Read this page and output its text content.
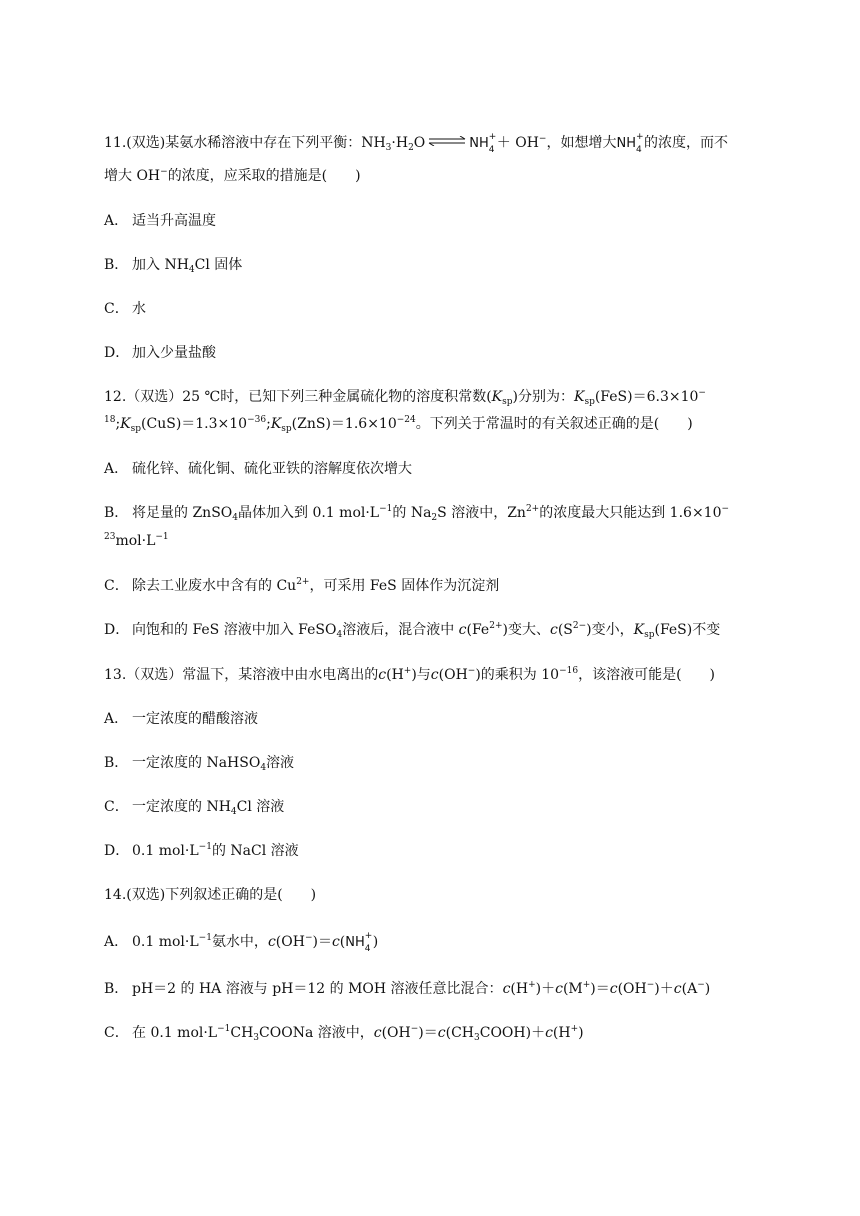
11.(双选)某氨水稀溶液中存在下列平衡：$NH_3\cdot H_2O$ ⇌ NH +
4 ＋ OH−，如想增大NH +
4 的浓度，而不
增大 OH−的浓度，应采取的措施是(　　)
A． 适当升高温度
B． 加入 $NH_4Cl$ 固体
C． 水
D． 加入少量盐酸
12.（双选）25 ℃时，已知下列三种金属硫化物的溶度积常数$(K_{sp})$分别为：$K_{sp}(FeS)=6.3\times 10^-$
$^{18};K_{sp}(CuS)=1.3\times 10^{-36};K_{sp}(ZnS)=1.6\times 10^{-24}$。下列关于常温时的有关叙述正确的是(　　)
A． 硫化锌、硫化铜、硫化亚铁的溶解度依次增大
B． 将足量的 ZnSO$_4$晶体加入到 0.1 $mol\cdot L^{-1}$的 $Na_2S$ 溶液中，$Zn^{2+}$的浓度最大只能达到 1.6×10−
$^{23}mol\cdot L^{-1}$
C． 除去工业废水中含有的 $Cu^{2+}$，可采用 FeS 固体作为沉淀剂
D． 向饱和的 FeS 溶液中加入 FeSO$_4$溶液后，混合液中 $c(Fe^{2+})$变大、$c(S^{2-})$变小，$K_{sp}(FeS)$不变
13.（双选）常温下，某溶液中由水电离出的c(H+)与c(OH−)的乘积为 $10^{-16}$，该溶液可能是(　　)
A． 一定浓度的醋酸溶液
B． 一定浓度的 NaHSO$_4$溶液
C． 一定浓度的 $NH_4Cl$ 溶液
D． 0.1 $mol\cdot L^{-1}$的 NaCl 溶液
14.(双选)下列叙述正确的是(　　)
A． 0.1 $mol\cdot L^{-1}$氨水中，c(OH−)＝c(NH +
4 )
B． pH＝2 的 HA 溶液与 pH＝12 的 MOH 溶液任意比混合：c(H+)＋c(M+)＝c(OH−)＋c(A−)
C． 在 0.1 $mol\cdot L^{-1}CH_3COONa$ 溶液中，$c(OH^-)=c(CH_3COOH)+c(H^+)$
